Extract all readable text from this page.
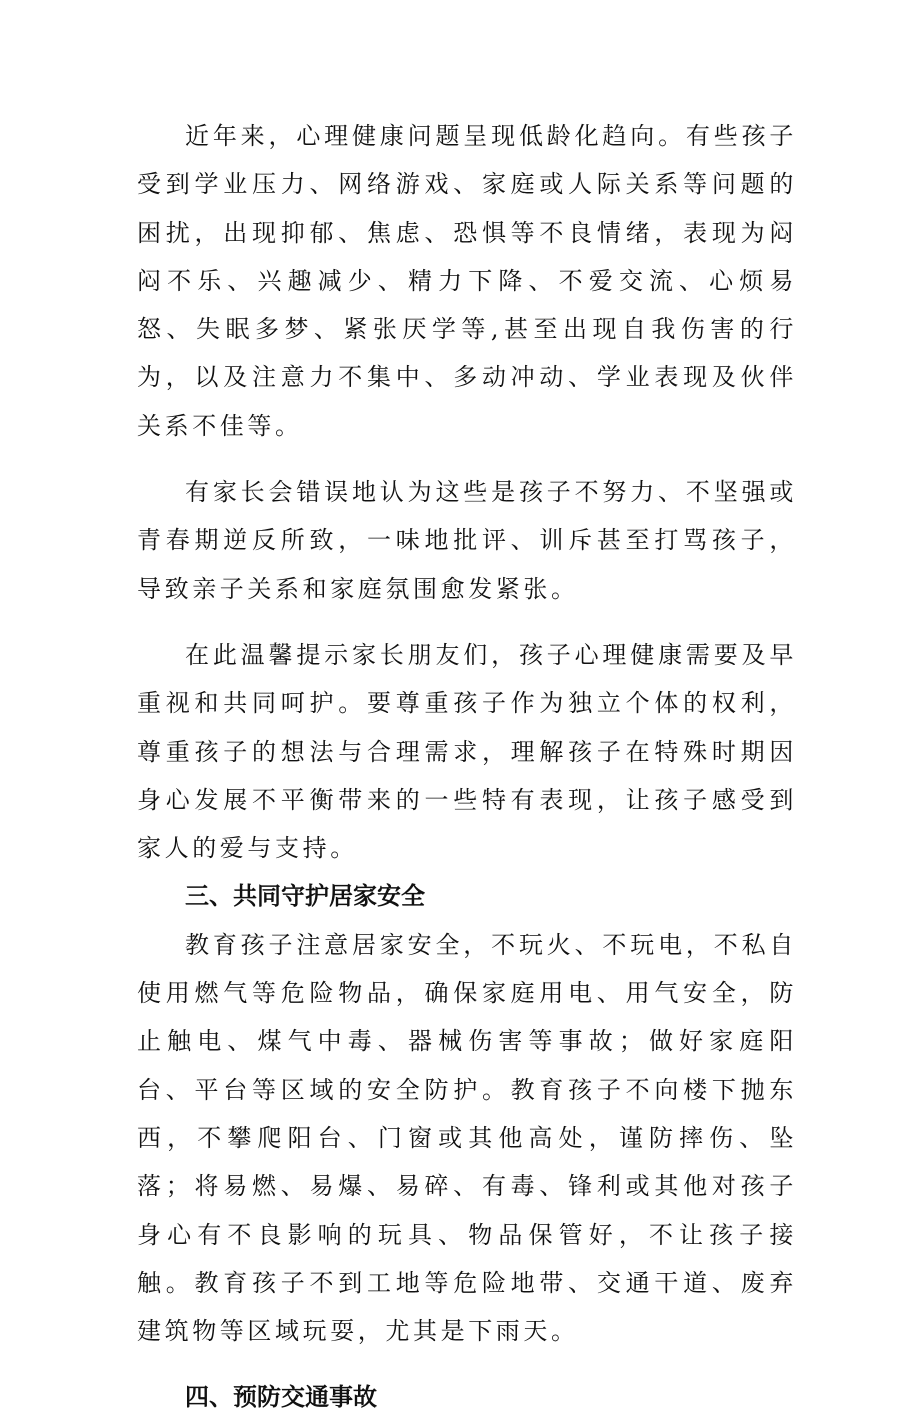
近年来，心理健康问题呈现低龄化趋向。有些孩子受到学业压力、网络游戏、家庭或人际关系等问题的困扰，出现抑郁、焦虑、恐惧等不良情绪，表现为闷闷不乐、兴趣减少、精力下降、不爱交流、心烦易怒、失眠多梦、紧张厌学等,甚至出现自我伤害的行为，以及注意力不集中、多动冲动、学业表现及伙伴关系不佳等。

有家长会错误地认为这些是孩子不努力、不坚强或青春期逆反所致，一味地批评、训斥甚至打骂孩子，导致亲子关系和家庭氛围愈发紧张。

在此温馨提示家长朋友们，孩子心理健康需要及早重视和共同呵护。要尊重孩子作为独立个体的权利，尊重孩子的想法与合理需求，理解孩子在特殊时期因身心发展不平衡带来的一些特有表现，让孩子感受到家人的爱与支持。

三、共同守护居家安全

教育孩子注意居家安全，不玩火、不玩电，不私自使用燃气等危险物品，确保家庭用电、用气安全，防止触电、煤气中毒、器械伤害等事故；做好家庭阳台、平台等区域的安全防护。教育孩子不向楼下抛东西，不攀爬阳台、门窗或其他高处，谨防摔伤、坠落；将易燃、易爆、易碎、有毒、锋利或其他对孩子身心有不良影响的玩具、物品保管好，不让孩子接触。教育孩子不到工地等危险地带、交通干道、废弃建筑物等区域玩耍，尤其是下雨天。

四、预防交通事故
